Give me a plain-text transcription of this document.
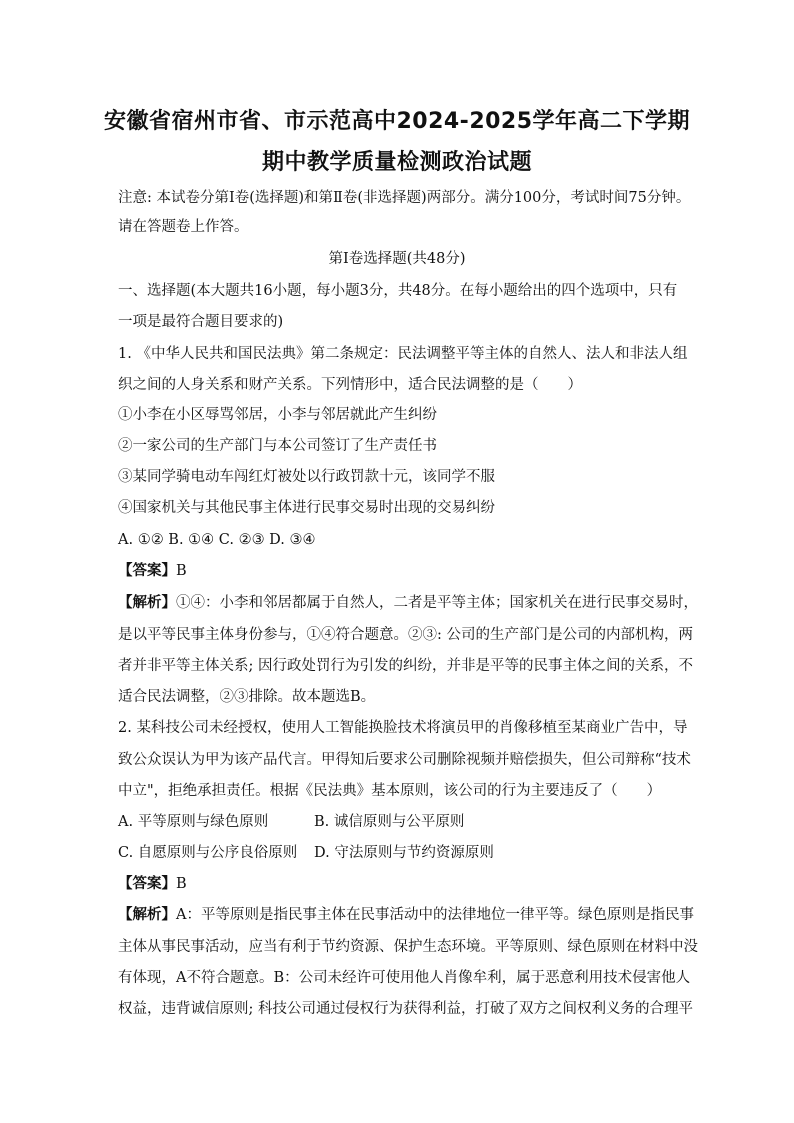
安徽省宿州市省、市示范高中2024-2025学年高二下学期
期中教学质量检测政治试题
注意: 本试卷分第Ⅰ卷(选择题)和第Ⅱ卷(非选择题)两部分。满分100分，考试时间75分钟。
请在答题卷上作答。
第Ⅰ卷选择题(共48分)
一、选择题(本大题共16小题，每小题3分，共48分。在每小题给出的四个选项中，只有
一项是最符合题目要求的)
1. 《中华人民共和国民法典》第二条规定：民法调整平等主体的自然人、法人和非法人组
织之间的人身关系和财产关系。下列情形中，适合民法调整的是（　　）
①小李在小区辱骂邻居，小李与邻居就此产生纠纷
②一家公司的生产部门与本公司签订了生产责任书
③某同学骑电动车闯红灯被处以行政罚款十元，该同学不服
④国家机关与其他民事主体进行民事交易时出现的交易纠纷
A. ①② B. ①④ C. ②③ D. ③④
【答案】B
【解析】①④：小李和邻居都属于自然人，二者是平等主体；国家机关在进行民事交易时，
是以平等民事主体身份参与，①④符合题意。②③: 公司的生产部门是公司的内部机构，两
者并非平等主体关系; 因行政处罚行为引发的纠纷，并非是平等的民事主体之间的关系，不
适合民法调整，②③排除。故本题选B。
2. 某科技公司未经授权，使用人工智能换脸技术将演员甲的肖像移植至某商业广告中，导
致公众误认为甲为该产品代言。甲得知后要求公司删除视频并赔偿损失，但公司辩称“技术
中立"，拒绝承担责任。根据《民法典》基本原则，该公司的行为主要违反了（　　）
A. 平等原则与绿色原则	B. 诚信原则与公平原则
C. 自愿原则与公序良俗原则 D. 守法原则与节约资源原则
【答案】B
【解析】A：平等原则是指民事主体在民事活动中的法律地位一律平等。绿色原则是指民事
主体从事民事活动，应当有利于节约资源、保护生态环境。平等原则、绿色原则在材料中没
有体现，A不符合题意。B：公司未经许可使用他人肖像牟利，属于恶意利用技术侵害他人
权益，违背诚信原则; 科技公司通过侵权行为获得利益，打破了双方之间权利义务的合理平
